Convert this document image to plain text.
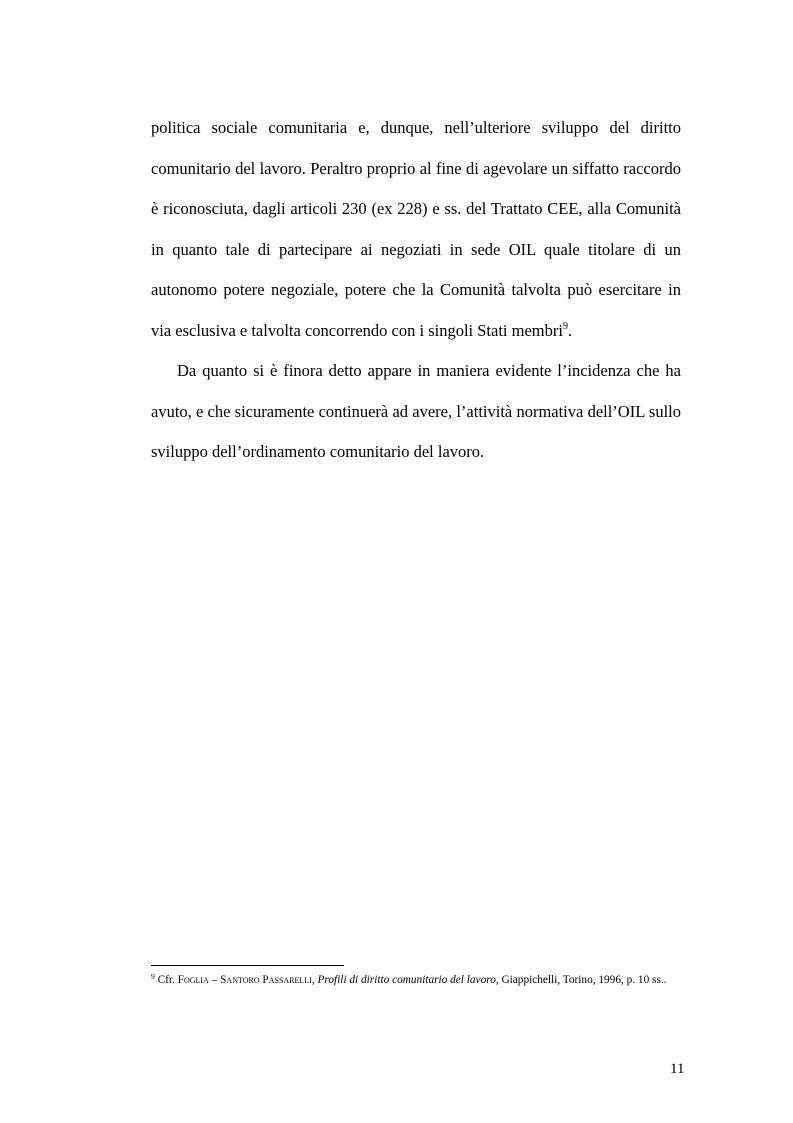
politica sociale comunitaria e, dunque, nell’ulteriore sviluppo del diritto comunitario del lavoro. Peraltro proprio al fine di agevolare un siffatto raccordo è riconosciuta, dagli articoli 230 (ex 228) e ss. del Trattato CEE, alla Comunità in quanto tale di partecipare ai negoziati in sede OIL quale titolare di un autonomo potere negoziale, potere che la Comunità talvolta può esercitare in via esclusiva e talvolta concorrendo con i singoli Stati membri$^9$.

Da quanto si è finora detto appare in maniera evidente l’incidenza che ha avuto, e che sicuramente continuerà ad avere, l’attività normativa dell’OIL sullo sviluppo dell’ordinamento comunitario del lavoro.

$^9$ Cfr. Foglia – Santoro Passarelli, Profili di diritto comunitario del lavoro, Giappichelli, Torino, 1996, p. 10 ss..
11
